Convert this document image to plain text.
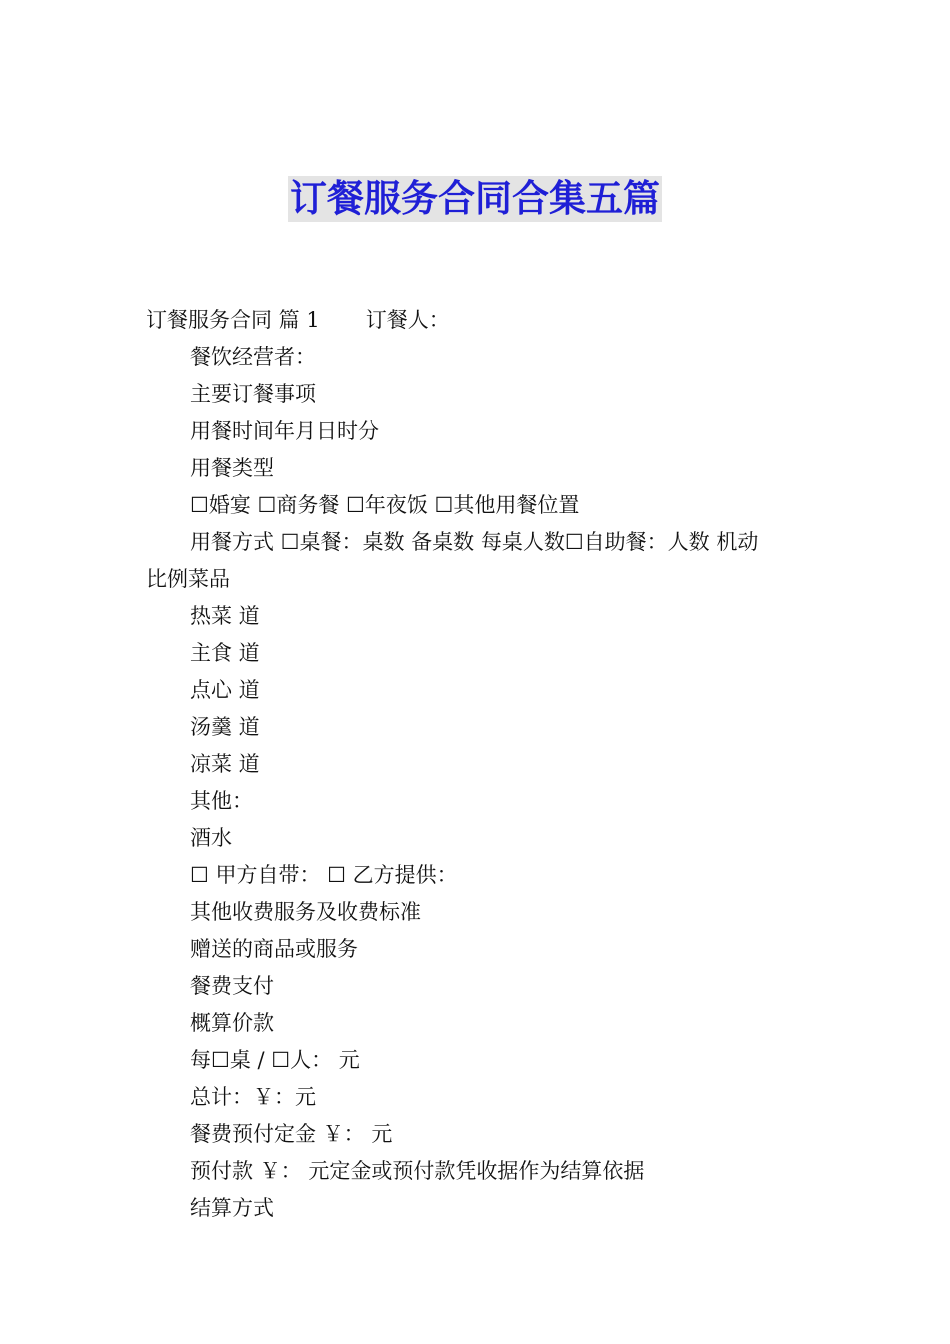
订餐服务合同合集五篇
订餐服务合同 篇 1 订餐人：
餐饮经营者：
主要订餐事项
用餐时间年月日时分
用餐类型
☐婚宴 ☐商务餐 ☐年夜饭 ☐其他用餐位置
用餐方式 ☐桌餐：桌数 备桌数 每桌人数☐自助餐：人数 机动
比例菜品
热菜 道
主食 道
点心 道
汤羹 道
凉菜 道
其他：
酒水
☐ 甲方自带： ☐ 乙方提供：
其他收费服务及收费标准
赠送的商品或服务
餐费支付
概算价款
每☐桌 / ☐人： 元
总计：￥：元
餐费预付定金 ￥： 元
预付款 ￥： 元定金或预付款凭收据作为结算依据
结算方式
